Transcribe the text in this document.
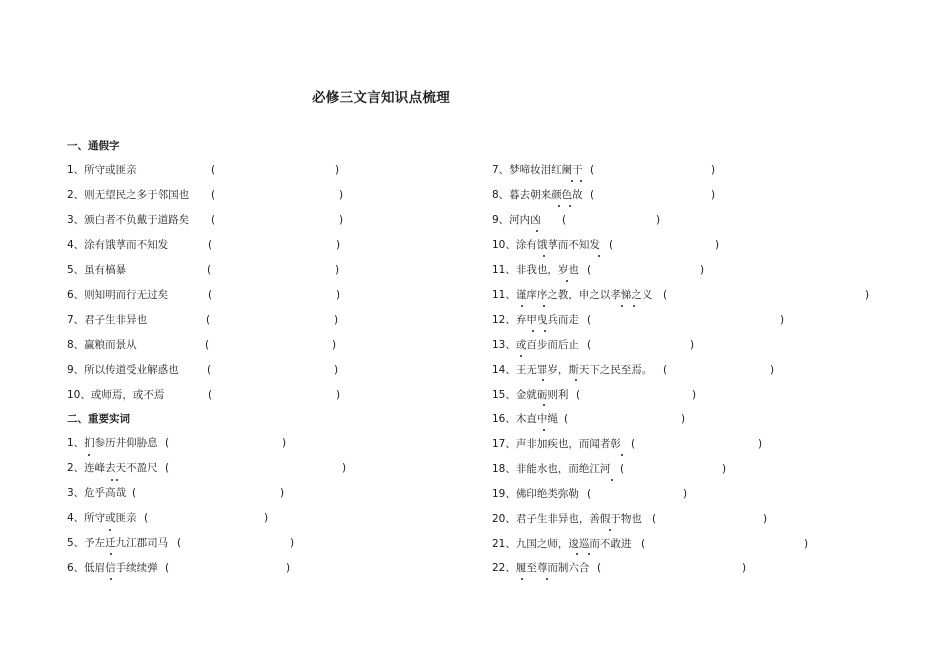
必修三文言知识点梳理
一、通假字
二、重要实词
1、所守或匪亲	(	)
2、则无望民之多于邻国也 (	)
3、颁白者不负戴于道路矣 (	)
4、涂有饿莩而不知发	(	)
5、虽有槁暴	(	)
6、则知明而行无过矣	(	)
7、君子生非异也	(	)
8、赢粮而景从	(	)
9、所以传道受业解惑也	(	)
10、或师焉，或不焉	(	)
1、扪参历井仰胁息 (	)
2、连峰去天不盈尺 (	)
3、危乎高哉 (	)
4、所守或匪亲 (	)
5、予左迁九江郡司马 (	)
6、低眉信手续续弹 (	)
7、梦啼妆泪红阑干 (	)
8、暮去朝来颜色故 (	)
9、河内凶 (	)
10、涂有饿莩而不知发 (	)
11、非我也，岁也 (	)
11、谨庠序之教，申之以孝悌之义 (	)
12、弃甲曳兵而走 (	)
13、或百步而后止 (	)
14、王无罪岁，斯天下之民至焉。 (	)
15、金就砺则利 (	)
16、木直中绳 (	)
17、声非加疾也，而闻者彰 (	)
18、非能水也，而绝江河 (	)
19、佛印绝类弥勒 (	)
20、君子生非异也，善假于物也 (	)
21、九国之师，逡巡而不敢进 (	)
22、履至尊而制六合 (	)
